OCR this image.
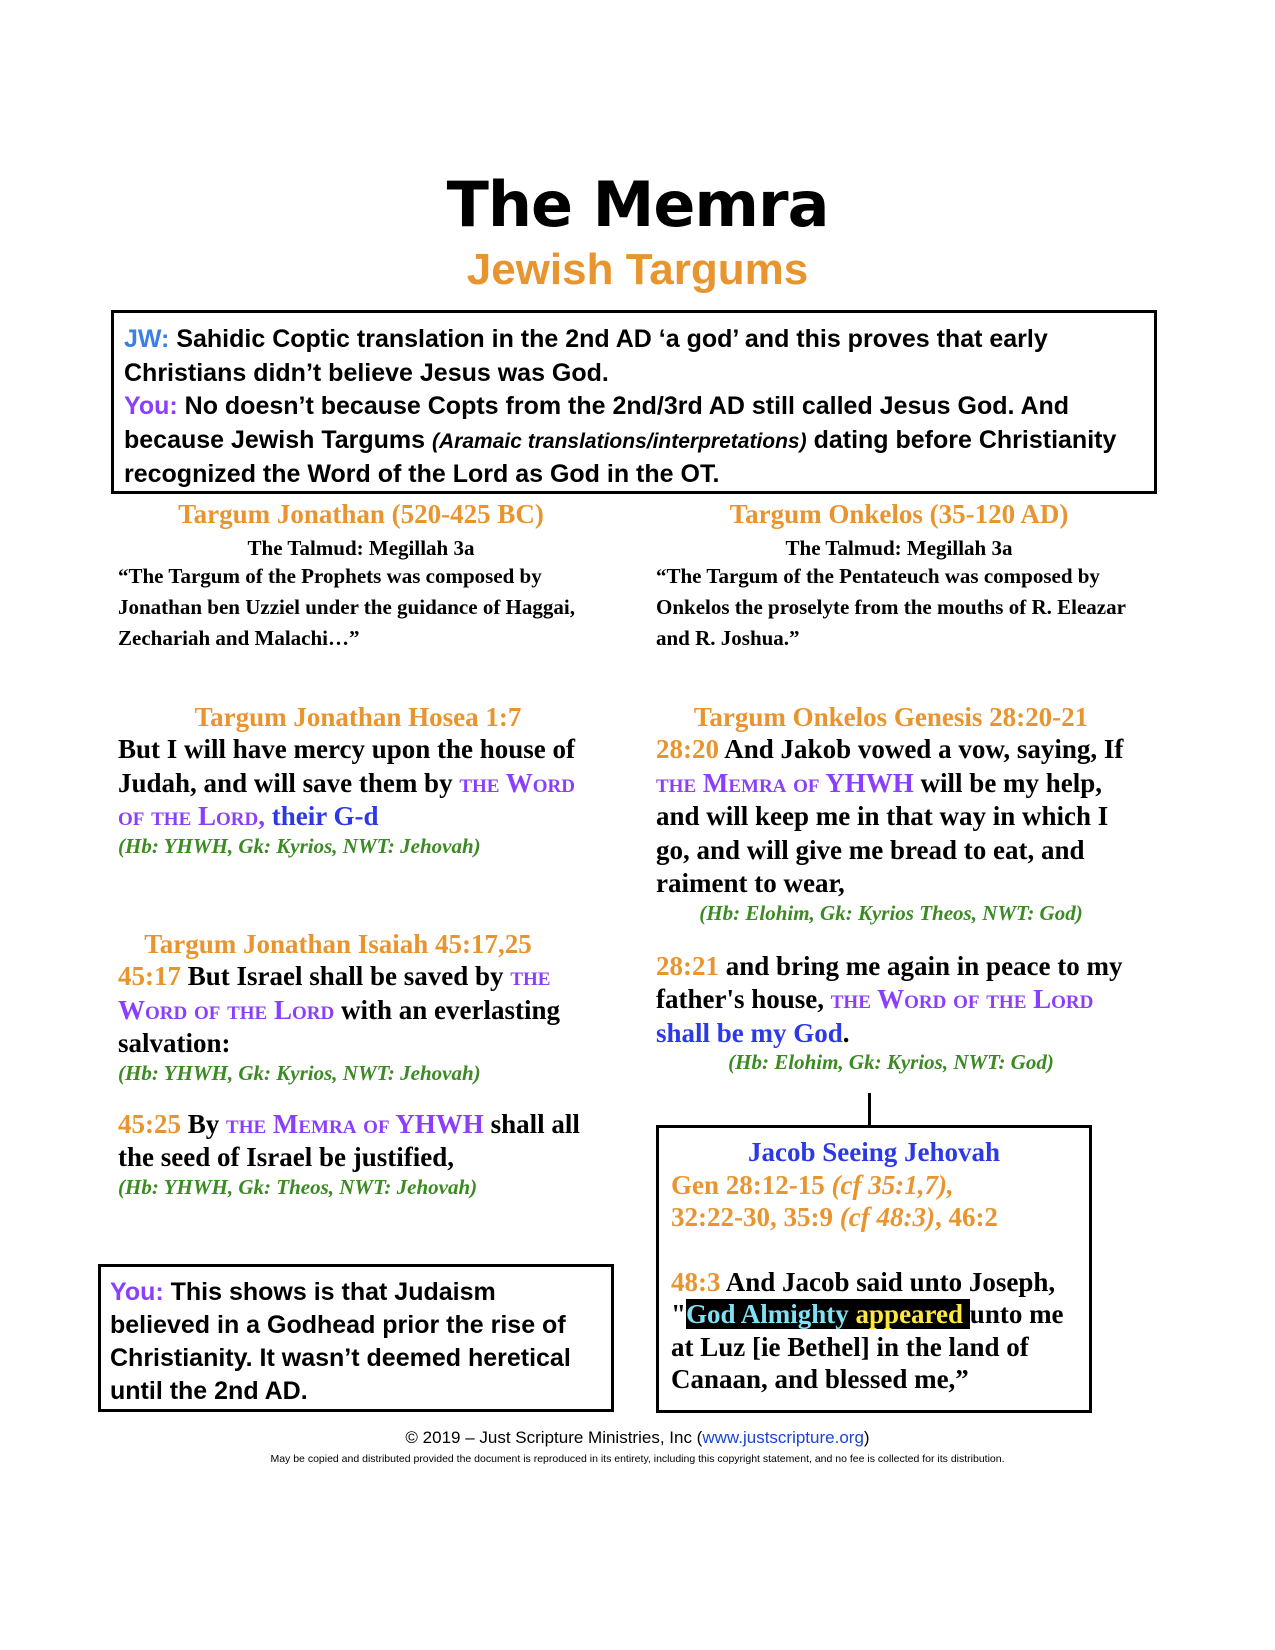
The Memra
Jewish Targums
JW: Sahidic Coptic translation in the 2nd AD ‘a god’ and this proves that early Christians didn’t believe Jesus was God.
You: No doesn’t because Copts from the 2nd/3rd AD still called Jesus God. And because Jewish Targums (Aramaic translations/interpretations) dating before Christianity recognized the Word of the Lord as God in the OT.
Targum Jonathan (520-425 BC)
The Talmud: Megillah 3a
“The Targum of the Prophets was composed by Jonathan ben Uzziel under the guidance of Haggai, Zechariah and Malachi…”
Targum Jonathan Hosea 1:7
But I will have mercy upon the house of Judah, and will save them by the Word of the Lord, their G-d
(Hb: YHWH, Gk: Kyrios, NWT: Jehovah)
Targum Jonathan Isaiah 45:17,25
45:17 But Israel shall be saved by the Word of the Lord with an everlasting salvation:
(Hb: YHWH, Gk: Kyrios, NWT: Jehovah)
45:25 By the Memra of YHWH shall all the seed of Israel be justified,
(Hb: YHWH, Gk: Theos, NWT: Jehovah)
Targum Onkelos (35-120 AD)
The Talmud: Megillah 3a
“The Targum of the Pentateuch was composed by Onkelos the proselyte from the mouths of R. Eleazar and R. Joshua.”
Targum Onkelos Genesis 28:20-21
28:20 And Jakob vowed a vow, saying, If the Memra of YHWH will be my help, and will keep me in that way in which I go, and will give me bread to eat, and raiment to wear,
(Hb: Elohim, Gk: Kyrios Theos, NWT: God)
28:21 and bring me again in peace to my father's house, the Word of the Lord shall be my God.
(Hb: Elohim, Gk: Kyrios, NWT: God)
You: This shows is that Judaism believed in a Godhead prior the rise of Christianity. It wasn’t deemed heretical until the 2nd AD.
Jacob Seeing Jehovah
Gen 28:12-15 (cf 35:1,7),
32:22-30, 35:9 (cf 48:3), 46:2
48:3 And Jacob said unto Joseph,
"God Almighty appeared unto me at Luz [ie Bethel] in the land of Canaan, and blessed me,”
© 2019 – Just Scripture Ministries, Inc (www.justscripture.org)
May be copied and distributed provided the document is reproduced in its entirety, including this copyright statement, and no fee is collected for its distribution.
